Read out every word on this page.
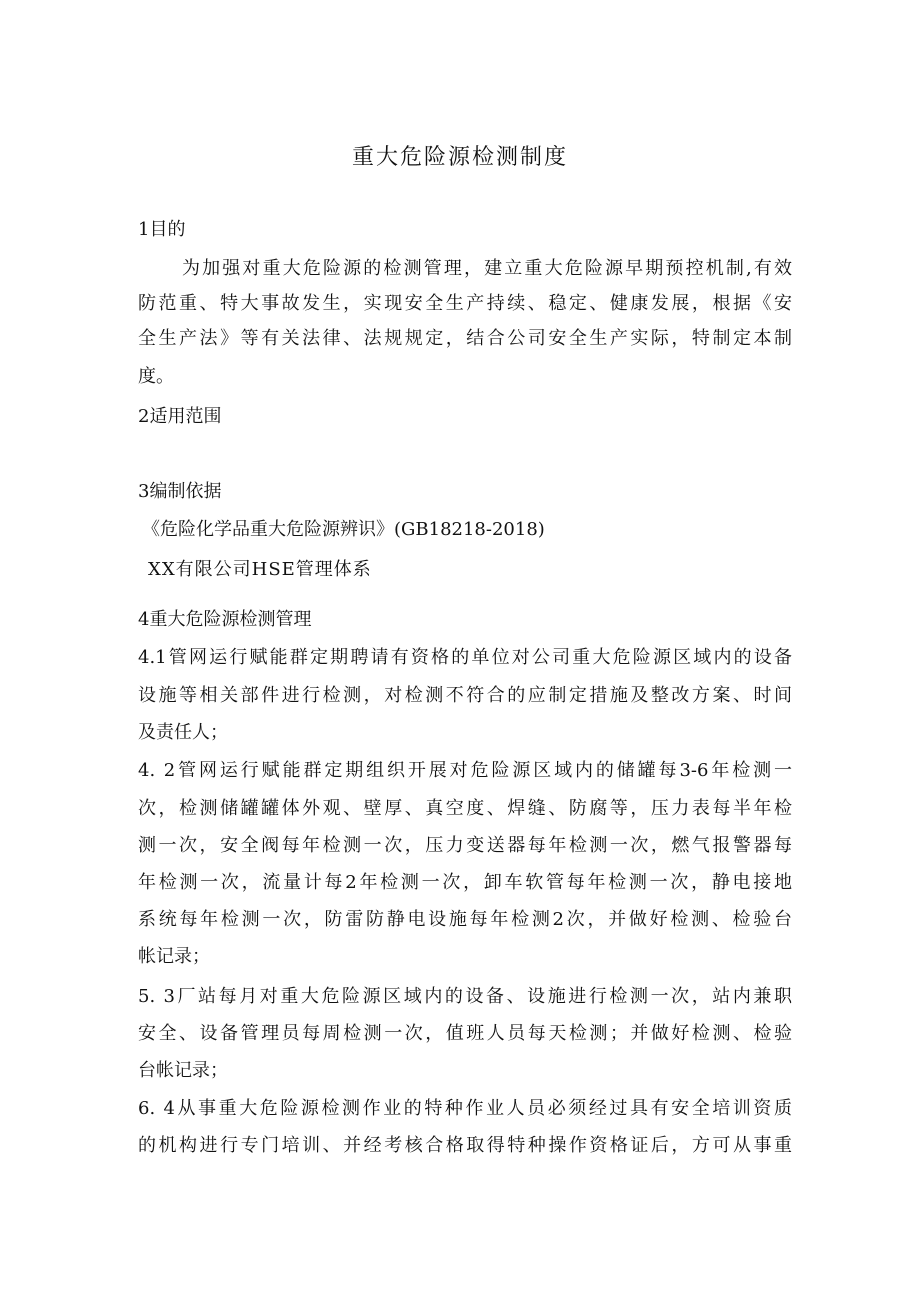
重大危险源检测制度
1目的
为加强对重大危险源的检测管理，建立重大危险源早期预控机制,有效
防范重、特大事故发生，实现安全生产持续、稳定、健康发展，根据《安
全生产法》等有关法律、法规规定，结合公司安全生产实际，特制定本制
度。
2适用范围
3编制依据
《危险化学品重大危险源辨识》(GB18218-2018)
XX有限公司HSE管理体系
4重大危险源检测管理
4.1管网运行赋能群定期聘请有资格的单位对公司重大危险源区域内的设备
设施等相关部件进行检测，对检测不符合的应制定措施及整改方案、时间
及责任人；
4. 2管网运行赋能群定期组织开展对危险源区域内的储罐每3-6年检测一
次，检测储罐罐体外观、壁厚、真空度、焊缝、防腐等，压力表每半年检
测一次，安全阀每年检测一次，压力变送器每年检测一次，燃气报警器每
年检测一次，流量计每2年检测一次，卸车软管每年检测一次，静电接地
系统每年检测一次，防雷防静电设施每年检测2次，并做好检测、检验台
帐记录；
5. 3厂站每月对重大危险源区域内的设备、设施进行检测一次，站内兼职
安全、设备管理员每周检测一次，值班人员每天检测；并做好检测、检验
台帐记录；
6. 4从事重大危险源检测作业的特种作业人员必须经过具有安全培训资质
的机构进行专门培训、并经考核合格取得特种操作资格证后，方可从事重
